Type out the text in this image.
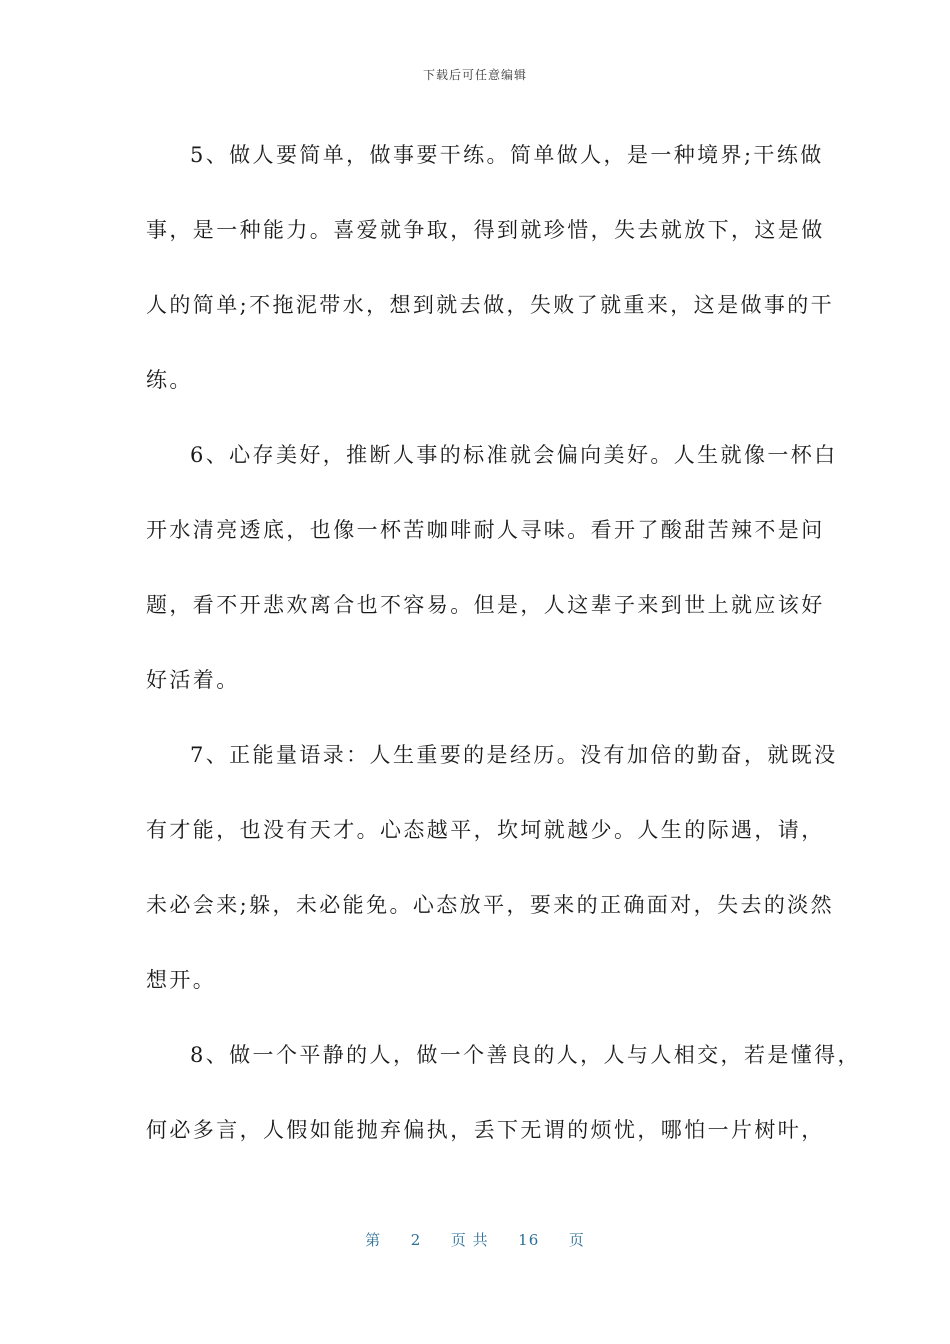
下载后可任意编辑
5、做人要简单，做事要干练。简单做人，是一种境界;干练做
事，是一种能力。喜爱就争取，得到就珍惜，失去就放下，这是做
人的简单;不拖泥带水，想到就去做，失败了就重来，这是做事的干
练。
6、心存美好，推断人事的标准就会偏向美好。人生就像一杯白
开水清亮透底，也像一杯苦咖啡耐人寻味。看开了酸甜苦辣不是问
题，看不开悲欢离合也不容易。但是，人这辈子来到世上就应该好
好活着。
7、正能量语录：人生重要的是经历。没有加倍的勤奋，就既没
有才能，也没有天才。心态越平，坎坷就越少。人生的际遇，请，
未必会来;躲，未必能免。心态放平，要来的正确面对，失去的淡然
想开。
8、做一个平静的人，做一个善良的人，人与人相交，若是懂得，
何必多言，人假如能抛弃偏执，丢下无谓的烦忧，哪怕一片树叶，
第 2 页 共 16 页
